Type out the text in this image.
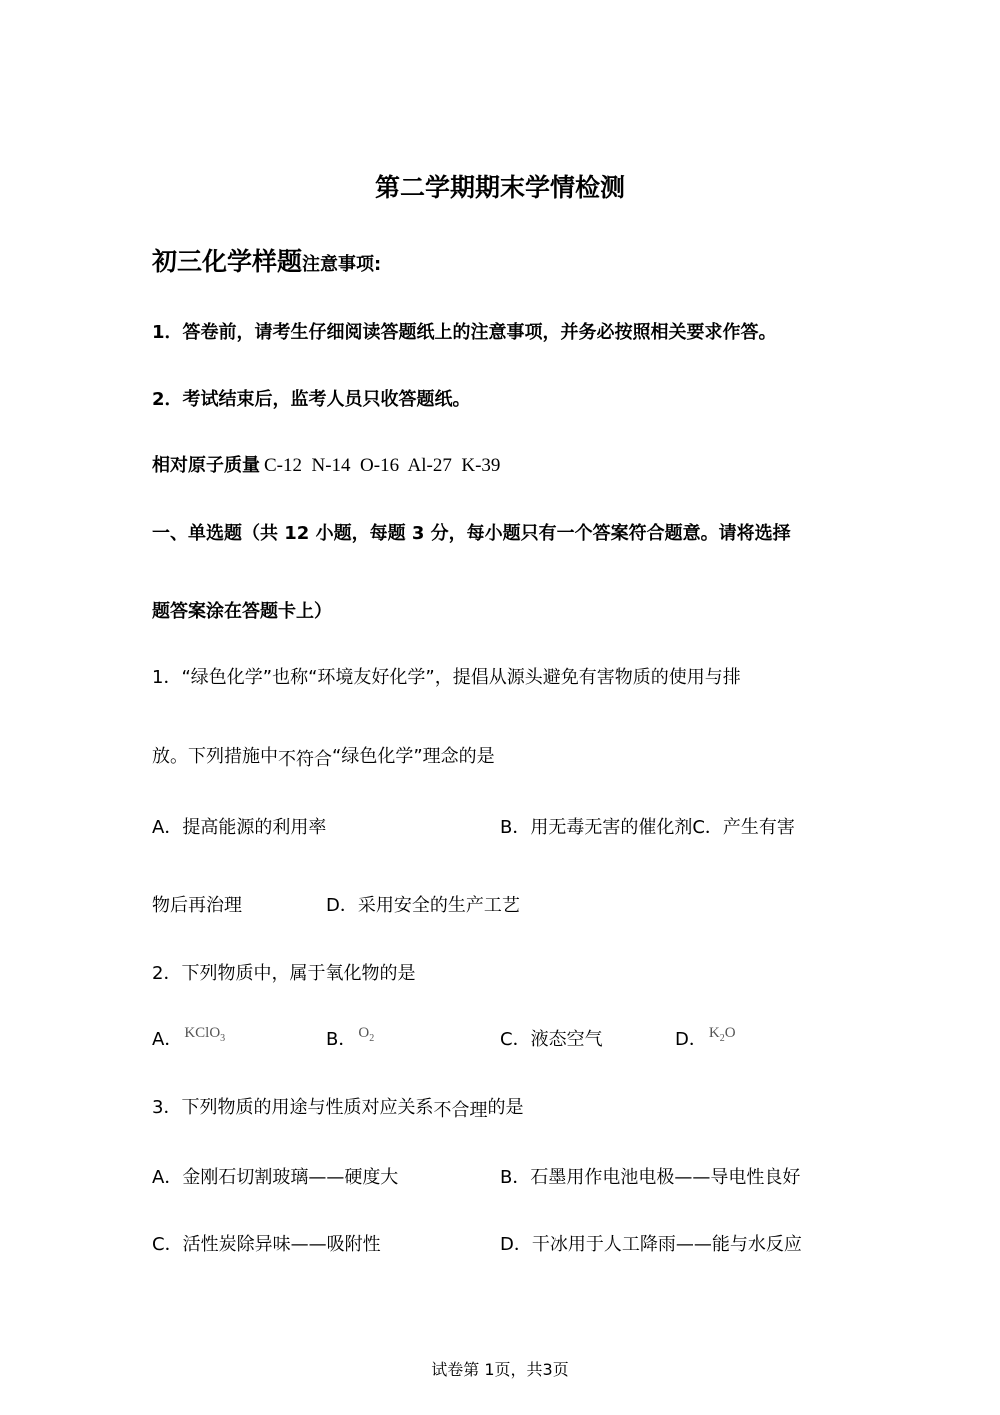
第二学期期末学情检测
初三化学样题注意事项:
1．答卷前，请考生仔细阅读答题纸上的注意事项，并务必按照相关要求作答。
2．考试结束后，监考人员只收答题纸。
相对原子质量 C-12  N-14  O-16  Al-27  K-39
一、单选题（共 12 小题，每题 3 分，每小题只有一个答案符合题意。请将选择
题答案涂在答题卡上）
1．“绿色化学”也称“环境友好化学”，提倡从源头避免有害物质的使用与排
放。下列措施中不符合“绿色化学”理念的是
A．提高能源的利用率	B．用无毒无害的催化剂C．产生有害
物后再治理	D．采用安全的生产工艺
2．下列物质中，属于氧化物的是
A． $^{KClO_3}$	B． $^{O_2}$	C．液态空气	D． $^{K_2O}$
3．下列物质的用途与性质对应关系不合理的是
A．金刚石切割玻璃——硬度大	B．石墨用作电池电极——导电性良好
C．活性炭除异味——吸附性	D．干冰用于人工降雨——能与水反应
试卷第 1页，共3页
